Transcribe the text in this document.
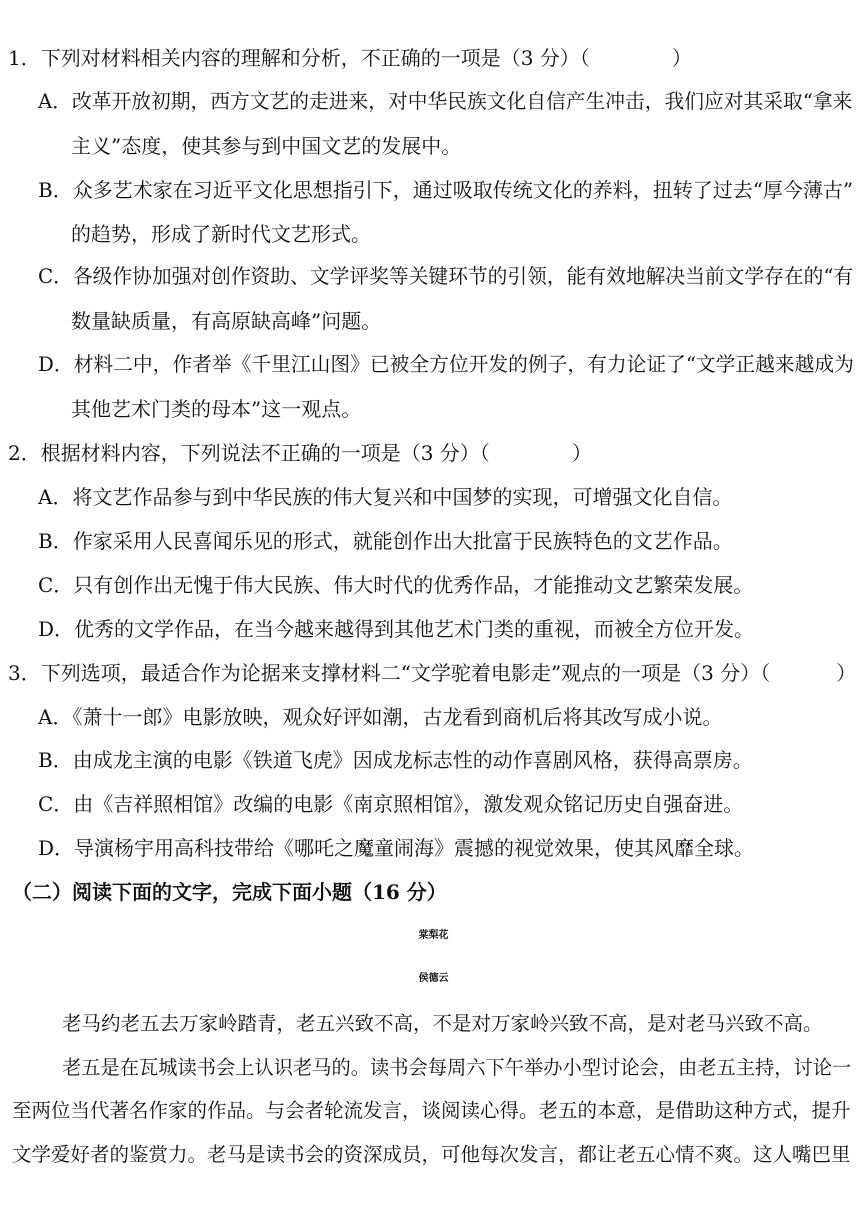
1．下列对材料相关内容的理解和分析，不正确的一项是（3 分）（	）
A．改革开放初期，西方文艺的走进来，对中华民族文化自信产生冲击，我们应对其采取“拿来
主义”态度，使其参与到中国文艺的发展中。
B．众多艺术家在习近平文化思想指引下，通过吸取传统文化的养料，扭转了过去“厚今薄古”
的趋势，形成了新时代文艺形式。
C．各级作协加强对创作资助、文学评奖等关键环节的引领，能有效地解决当前文学存在的“有
数量缺质量，有高原缺高峰”问题。
D．材料二中，作者举《千里江山图》已被全方位开发的例子，有力论证了“文学正越来越成为
其他艺术门类的母本”这一观点。
2．根据材料内容，下列说法不正确的一项是（3 分）（	）
A．将文艺作品参与到中华民族的伟大复兴和中国梦的实现，可增强文化自信。
B．作家采用人民喜闻乐见的形式，就能创作出大批富于民族特色的文艺作品。
C．只有创作出无愧于伟大民族、伟大时代的优秀作品，才能推动文艺繁荣发展。
D．优秀的文学作品，在当今越来越得到其他艺术门类的重视，而被全方位开发。
3．下列选项，最适合作为论据来支撑材料二“文学驼着电影走”观点的一项是（3 分）（	）
A．《萧十一郎》电影放映，观众好评如潮，古龙看到商机后将其改写成小说。
B．由成龙主演的电影《铁道飞虎》因成龙标志性的动作喜剧风格，获得高票房。
C．由《吉祥照相馆》改编的电影《南京照相馆》，激发观众铭记历史自强奋进。
D．导演杨宇用高科技带给《哪吒之魔童闹海》震撼的视觉效果，使其风靡全球。
（二）阅读下面的文字，完成下面小题（16 分）
棠梨花
侯德云
老马约老五去万家岭踏青，老五兴致不高，不是对万家岭兴致不高，是对老马兴致不高。
老五是在瓦城读书会上认识老马的。读书会每周六下午举办小型讨论会，由老五主持，讨论一
至两位当代著名作家的作品。与会者轮流发言，谈阅读心得。老五的本意，是借助这种方式，提升
文学爱好者的鉴赏力。老马是读书会的资深成员，可他每次发言，都让老五心情不爽。这人嘴巴里
